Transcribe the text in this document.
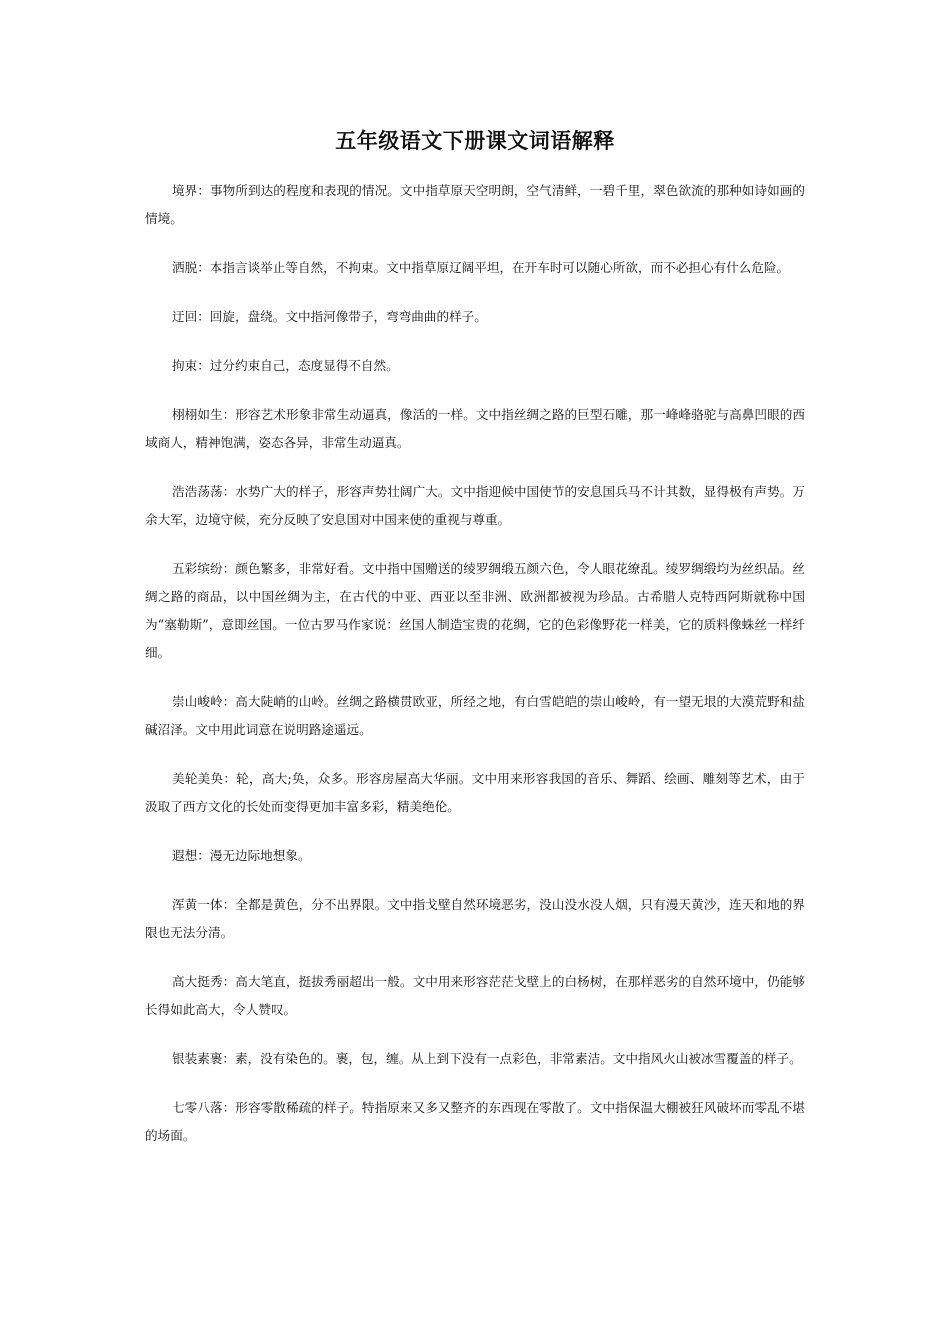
五年级语文下册课文词语解释

境界：事物所到达的程度和表现的情况。文中指草原天空明朗，空气清鲜，一碧千里，翠色欲流的那种如诗如画的情境。

洒脱：本指言谈举止等自然，不拘束。文中指草原辽阔平坦，在开车时可以随心所欲，而不必担心有什么危险。

迂回：回旋，盘绕。文中指河像带子，弯弯曲曲的样子。

拘束：过分约束自己，态度显得不自然。

栩栩如生：形容艺术形象非常生动逼真，像活的一样。文中指丝绸之路的巨型石雕，那一峰峰骆驼与高鼻凹眼的西域商人，精神饱满，姿态各异，非常生动逼真。

浩浩荡荡：水势广大的样子，形容声势壮阔广大。文中指迎候中国使节的安息国兵马不计其数，显得极有声势。万余大军，边境守候，充分反映了安息国对中国来使的重视与尊重。

五彩缤纷：颜色繁多，非常好看。文中指中国赠送的绫罗绸缎五颜六色，令人眼花缭乱。绫罗绸缎均为丝织品。丝绸之路的商品，以中国丝绸为主，在古代的中亚、西亚以至非洲、欧洲都被视为珍品。古希腊人克特西阿斯就称中国为“塞勒斯”，意即丝国。一位古罗马作家说：丝国人制造宝贵的花绸，它的色彩像野花一样美，它的质料像蛛丝一样纤细。

崇山峻岭：高大陡峭的山岭。丝绸之路横贯欧亚，所经之地，有白雪皑皑的崇山峻岭，有一望无垠的大漠荒野和盐碱沼泽。文中用此词意在说明路途遥远。

美轮美奂：轮，高大;奂，众多。形容房屋高大华丽。文中用来形容我国的音乐、舞蹈、绘画、雕刻等艺术，由于汲取了西方文化的长处而变得更加丰富多彩，精美绝伦。

遐想：漫无边际地想象。

浑黄一体：全都是黄色，分不出界限。文中指戈壁自然环境恶劣，没山没水没人烟，只有漫天黄沙，连天和地的界限也无法分清。

高大挺秀：高大笔直，挺拔秀丽超出一般。文中用来形容茫茫戈壁上的白杨树，在那样恶劣的自然环境中，仍能够长得如此高大，令人赞叹。

银装素裹：素，没有染色的。裹，包，缠。从上到下没有一点彩色，非常素洁。文中指风火山被冰雪覆盖的样子。

七零八落：形容零散稀疏的样子。特指原来又多又整齐的东西现在零散了。文中指保温大棚被狂风破坏而零乱不堪的场面。
